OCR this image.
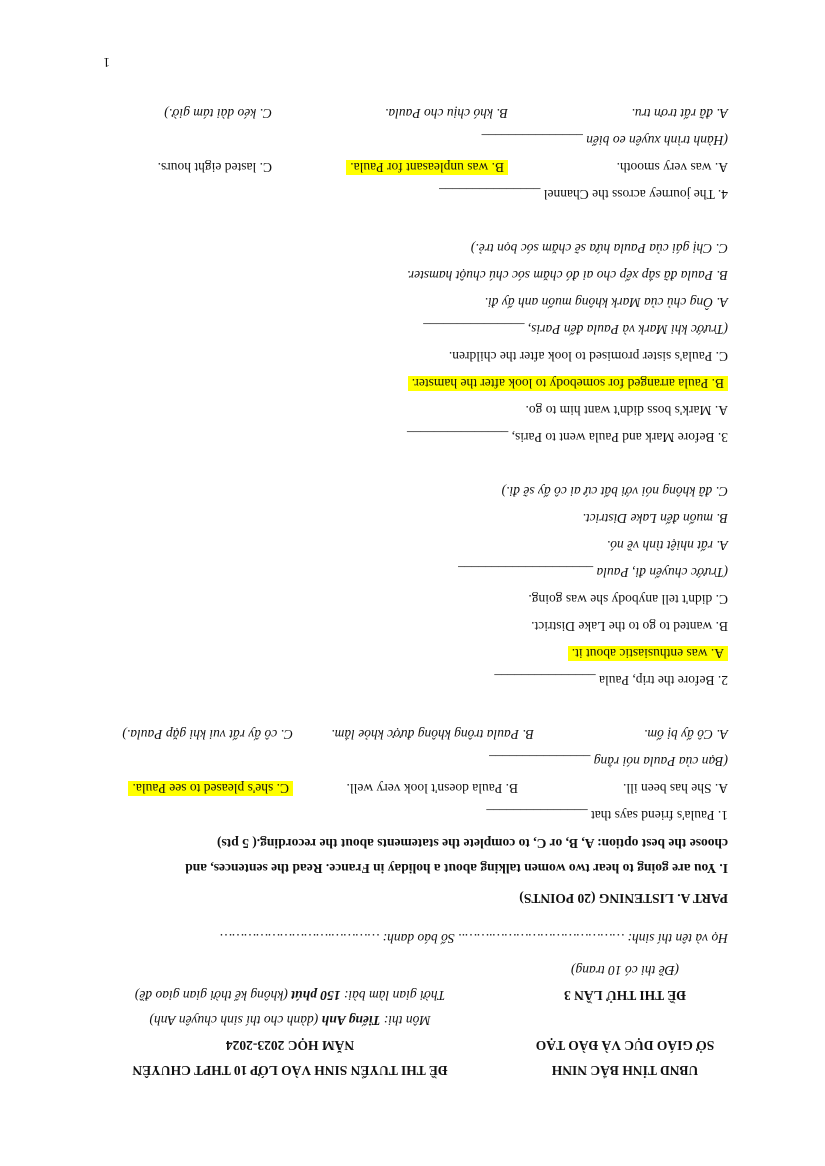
UBND TỈNH BẮC NINH
SỞ GIÁO DỤC VÀ ĐÀO TẠO
ĐỀ THI TUYỂN SINH VÀO LỚP 10 THPT CHUYÊN
NĂM HỌC 2023-2024
Môn thi: Tiếng Anh (dành cho thí sinh chuyên Anh)
ĐỀ THI THỬ LẦN 3
Thời gian làm bài: 150 phút (không kể thời gian giao đề)
(Đề thi có 10 trang)
Họ và tên thí sinh: …………………………….…….. Số báo danh: ………….………………………
PART A. LISTENING (20 POINTS)
I. You are going to hear two women talking about a holiday in France. Read the sentences, and
choose the best option: A, B, or C, to complete the statements about the recording.( 5 pts)
1. Paula's friend says that _______________
A. She has been ill.
B. Paula doesn't look very well.
C. she's pleased to see Paula.
(Bạn của Paula nói rằng _______________
A. Cô ấy bị ốm.
B. Paula trông không được khỏe lắm.
C. cô ấy rất vui khi gặp Paula.)
2. Before the trip, Paula _______________
A. was enthusiastic about it.
B. wanted to go to the Lake District.
C. didn't tell anybody she was going.
(Trước chuyến đi, Paula ____________________
A. rất nhiệt tình về nó.
B. muốn đến Lake District.
C. đã không nói với bất cứ ai cô ấy sẽ đi.)
3. Before Mark and Paula went to Paris, _______________
A. Mark's boss didn't want him to go.
B. Paula arranged for somebody to look after the hamster.
C. Paula's sister promised to look after the children.
(Trước khi Mark và Paula đến Paris, _______________
A. Ông chủ của Mark không muốn anh ấy đi.
B. Paula đã sắp xếp cho ai đó chăm sóc chú chuột hamster.
C. Chị gái của Paula hứa sẽ chăm sóc bọn trẻ.)
4. The journey across the Channel _______________
A. was very smooth.
B. was unpleasant for Paula.
C. lasted eight hours.
(Hành trình xuyên eo biển _______________
A. đã rất trơn tru.
B. khó chịu cho Paula.
C. kéo dài tám giờ.)
1
